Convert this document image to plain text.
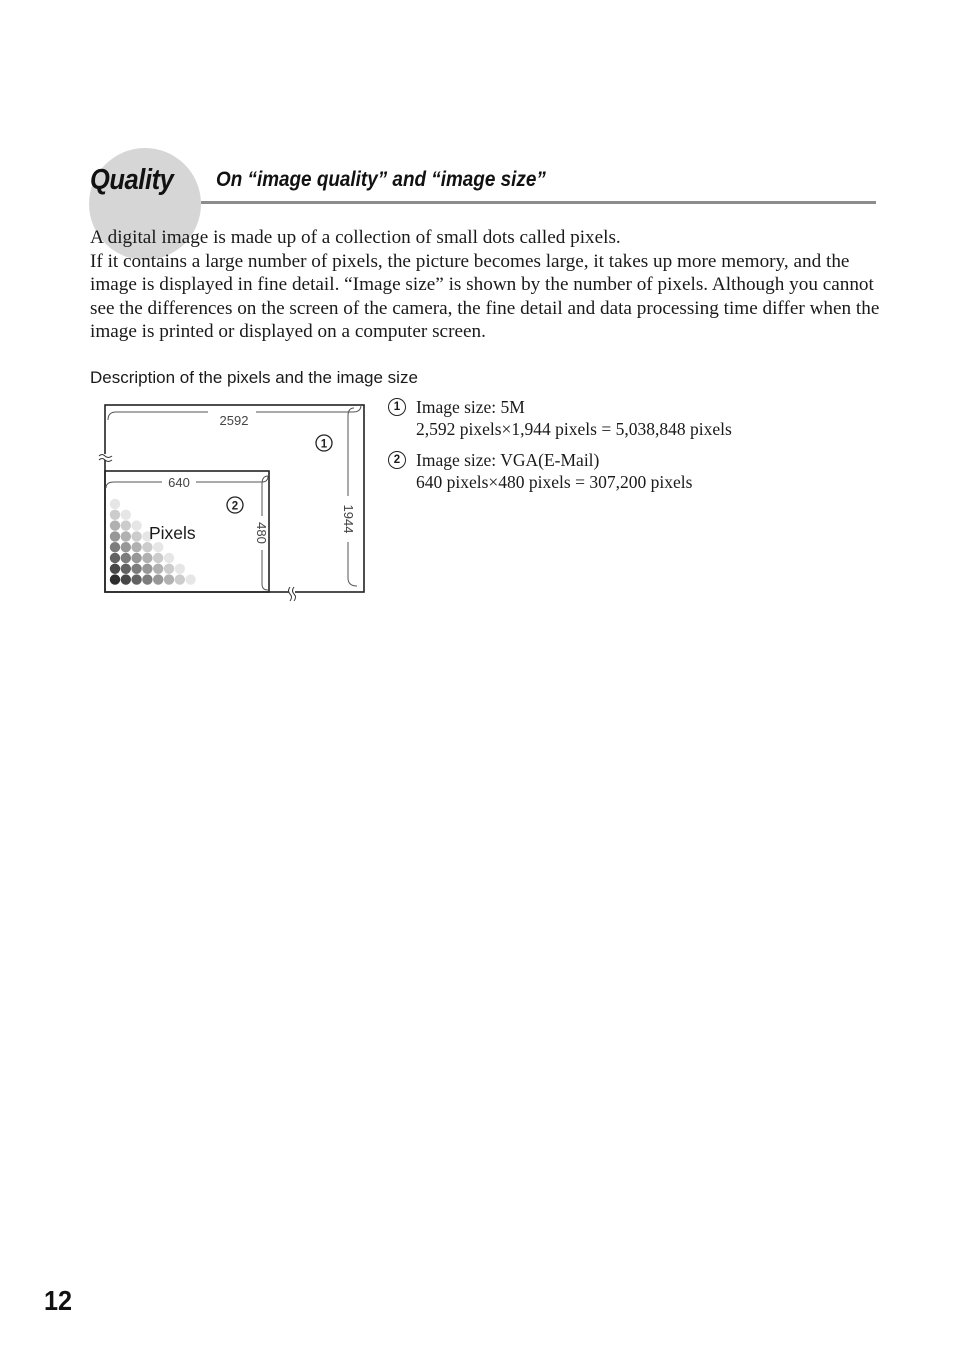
Quality On “image quality” and “image size”

A digital image is made up of a collection of small dots called pixels.

If it contains a large number of pixels, the picture becomes large, it takes up more memory, and the image is displayed in fine detail. “Image size” is shown by the number of pixels. Although you cannot see the differences on the screen of the camera, the fine detail and data processing time differ when the image is printed or displayed on a computer screen.

Description of the pixels and the image size
2592
1944
640
480
1
2
Pixels
1 Image size: 5M
2,592 pixels×1,944 pixels = 5,038,848 pixels
2 Image size: VGA(E-Mail)
640 pixels×480 pixels = 307,200 pixels
12
